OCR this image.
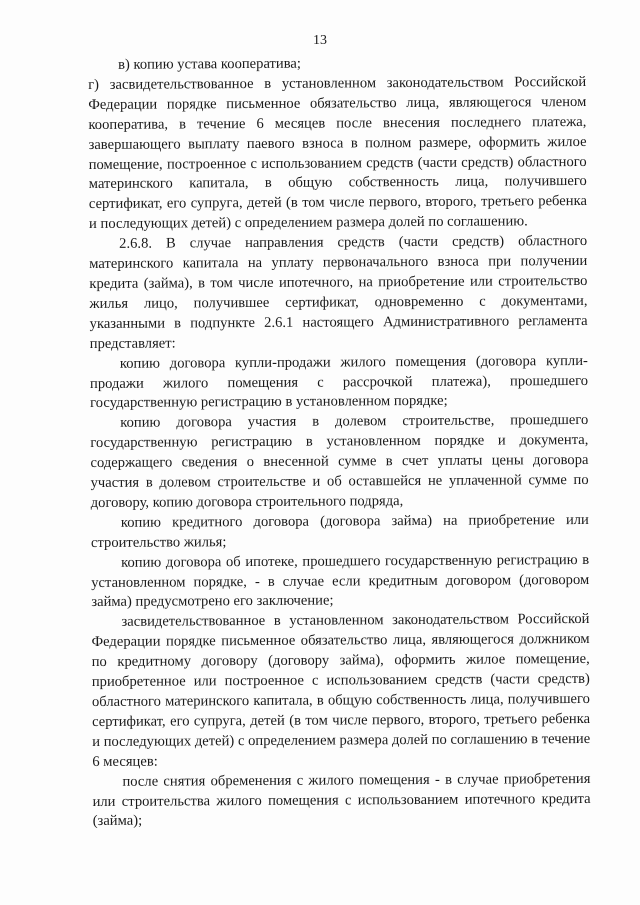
13

в) копию устава кооператива;

г) засвидетельствованное в установленном законодательством Российской Федерации порядке письменное обязательство лица, являющегося членом кооператива, в течение 6 месяцев после внесения последнего платежа, завершающего выплату паевого взноса в полном размере, оформить жилое помещение, построенное с использованием средств (части средств) областного материнского капитала, в общую собственность лица, получившего сертификат, его супруга, детей (в том числе первого, второго, третьего ребенка и последующих детей) с определением размера долей по соглашению.

2.6.8. В случае направления средств (части средств) областного материнского капитала на уплату первоначального взноса при получении кредита (займа), в том числе ипотечного, на приобретение или строительство жилья лицо, получившее сертификат, одновременно с документами, указанными в подпункте 2.6.1 настоящего Административного регламента представляет:

копию договора купли-продажи жилого помещения (договора купли-продажи жилого помещения с рассрочкой платежа), прошедшего государственную регистрацию в установленном порядке;

копию договора участия в долевом строительстве, прошедшего государственную регистрацию в установленном порядке и документа, содержащего сведения о внесенной сумме в счет уплаты цены договора участия в долевом строительстве и об оставшейся не уплаченной сумме по договору, копию договора строительного подряда,

копию кредитного договора (договора займа) на приобретение или строительство жилья;

копию договора об ипотеке, прошедшего государственную регистрацию в установленном порядке, - в случае если кредитным договором (договором займа) предусмотрено его заключение;

засвидетельствованное в установленном законодательством Российской Федерации порядке письменное обязательство лица, являющегося должником по кредитному договору (договору займа), оформить жилое помещение, приобретенное или построенное с использованием средств (части средств) областного материнского капитала, в общую собственность лица, получившего сертификат, его супруга, детей (в том числе первого, второго, третьего ребенка и последующих детей) с определением размера долей по соглашению в течение 6 месяцев:

после снятия обременения с жилого помещения - в случае приобретения или строительства жилого помещения с использованием ипотечного кредита (займа);
